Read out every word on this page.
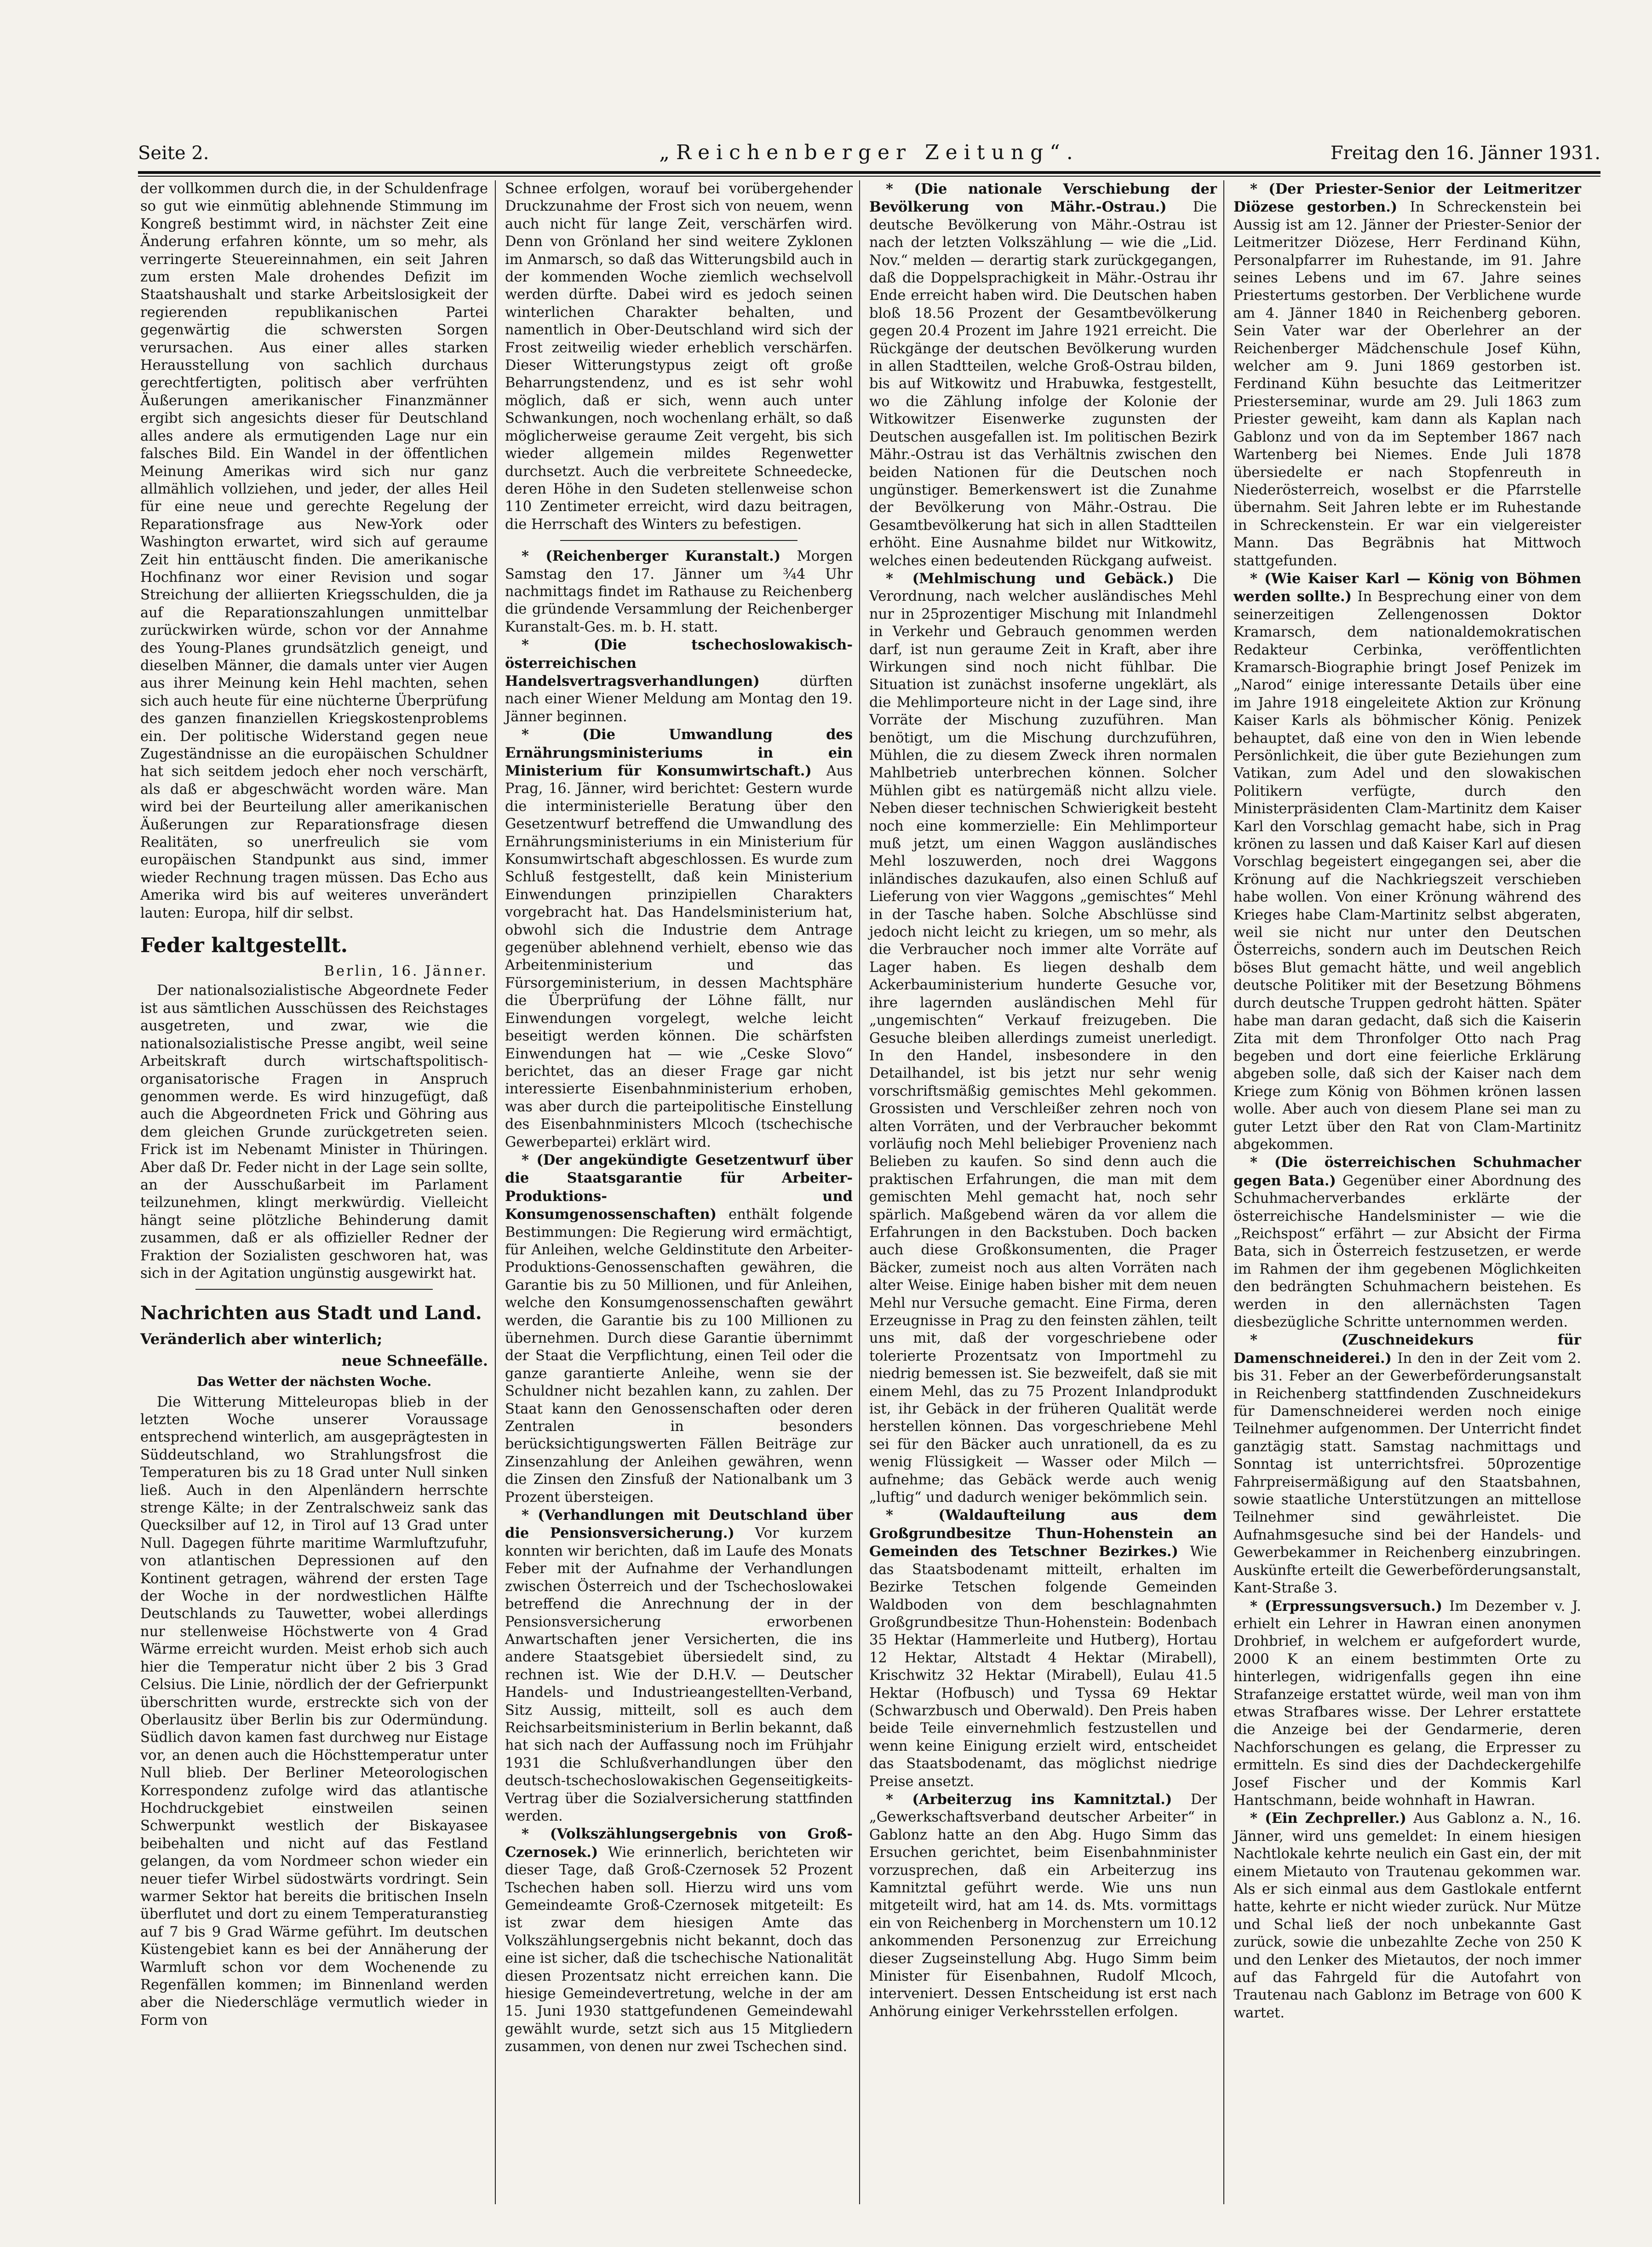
Seite 2.	„Reichenberger Zeitung“.	Freitag den 16. Jänner 1931.

der vollkommen durch die, in der Schuldenfrage so gut wie einmütig ablehnende Stimmung im Kongreß bestimmt wird, in nächster Zeit eine Änderung erfahren könnte, um so mehr, als verringerte Steuereinnahmen, ein seit Jahren zum ersten Male drohendes Defizit im Staatshaushalt und starke Arbeitslosigkeit der regierenden republikanischen Partei gegenwärtig die schwersten Sorgen verursachen. Aus einer alles starken Herausstellung von sachlich durchaus gerechtfertigten, politisch aber verfrühten Äußerungen amerikanischer Finanzmänner ergibt sich angesichts dieser für Deutschland alles andere als ermutigenden Lage nur ein falsches Bild. Ein Wandel in der öffentlichen Meinung Amerikas wird sich nur ganz allmählich vollziehen, und jeder, der alles Heil für eine neue und gerechte Regelung der Reparationsfrage aus New-York oder Washington erwartet, wird sich auf geraume Zeit hin enttäuscht finden. Die amerikanische Hochfinanz wor einer Revision und sogar Streichung der alliierten Kriegsschulden, die ja auf die Reparationszahlungen unmittelbar zurückwirken würde, schon vor der Annahme des Young-Planes grundsätzlich geneigt, und dieselben Männer, die damals unter vier Augen aus ihrer Meinung kein Hehl machten, sehen sich auch heute für eine nüchterne Überprüfung des ganzen finanziellen Kriegskostenproblems ein. Der politische Widerstand gegen neue Zugeständnisse an die europäischen Schuldner hat sich seitdem jedoch eher noch verschärft, als daß er abgeschwächt worden wäre. Man wird bei der Beurteilung aller amerikanischen Äußerungen zur Reparationsfrage diesen Realitäten, so unerfreulich sie vom europäischen Standpunkt aus sind, immer wieder Rechnung tragen müssen. Das Echo aus Amerika wird bis auf weiteres unverändert lauten: Europa, hilf dir selbst.

Feder kaltgestellt.
Berlin, 16. Jänner.

Der nationalsozialistische Abgeordnete Feder ist aus sämtlichen Ausschüssen des Reichstages ausgetreten, und zwar, wie die nationalsozialistische Presse angibt, weil seine Arbeitskraft durch wirtschaftspolitisch-organisatorische Fragen in Anspruch genommen werde. Es wird hinzugefügt, daß auch die Abgeordneten Frick und Göhring aus dem gleichen Grunde zurückgetreten seien. Frick ist im Nebenamt Minister in Thüringen. Aber daß Dr. Feder nicht in der Lage sein sollte, an der Ausschußarbeit im Parlament teilzunehmen, klingt merkwürdig. Vielleicht hängt seine plötzliche Behinderung damit zusammen, daß er als offizieller Redner der Fraktion der Sozialisten geschworen hat, was sich in der Agitation ungünstig ausgewirkt hat.

Nachrichten aus Stadt und Land.
Veränderlich aber winterlich;
neue Schneefälle.
Das Wetter der nächsten Woche.

Die Witterung Mitteleuropas blieb in der letzten Woche unserer Voraussage entsprechend winterlich, am ausgeprägtesten in Süddeutschland, wo Strahlungsfrost die Temperaturen bis zu 18 Grad unter Null sinken ließ. Auch in den Alpenländern herrschte strenge Kälte; in der Zentralschweiz sank das Quecksilber auf 12, in Tirol auf 13 Grad unter Null. Dagegen führte maritime Warmluftzufuhr, von atlantischen Depressionen auf den Kontinent getragen, während der ersten Tage der Woche in der nordwestlichen Hälfte Deutschlands zu Tauwetter, wobei allerdings nur stellenweise Höchstwerte von 4 Grad Wärme erreicht wurden. Meist erhob sich auch hier die Temperatur nicht über 2 bis 3 Grad Celsius. Die Linie, nördlich der der Gefrierpunkt überschritten wurde, erstreckte sich von der Oberlausitz über Berlin bis zur Odermündung. Südlich davon kamen fast durchweg nur Eistage vor, an denen auch die Höchsttemperatur unter Null blieb. Der Berliner Meteorologischen Korrespondenz zufolge wird das atlantische Hochdruckgebiet einstweilen seinen Schwerpunkt westlich der Biskayasee beibehalten und nicht auf das Festland gelangen, da vom Nordmeer schon wieder ein neuer tiefer Wirbel südostwärts vordringt. Sein warmer Sektor hat bereits die britischen Inseln überflutet und dort zu einem Temperaturanstieg auf 7 bis 9 Grad Wärme geführt. Im deutschen Küstengebiet kann es bei der Annäherung der Warmluft schon vor dem Wochenende zu Regenfällen kommen; im Binnenland werden aber die Niederschläge vermutlich wieder in Form von

Schnee erfolgen, worauf bei vorübergehender Druckzunahme der Frost sich von neuem, wenn auch nicht für lange Zeit, verschärfen wird. Denn von Grönland her sind weitere Zyklonen im Anmarsch, so daß das Witterungsbild auch in der kommenden Woche ziemlich wechselvoll werden dürfte. Dabei wird es jedoch seinen winterlichen Charakter behalten, und namentlich in Ober-Deutschland wird sich der Frost zeitweilig wieder erheblich verschärfen. Dieser Witterungstypus zeigt oft große Beharrungstendenz, und es ist sehr wohl möglich, daß er sich, wenn auch unter Schwankungen, noch wochenlang erhält, so daß möglicherweise geraume Zeit vergeht, bis sich wieder allgemein mildes Regenwetter durchsetzt. Auch die verbreitete Schneedecke, deren Höhe in den Sudeten stellenweise schon 110 Zentimeter erreicht, wird dazu beitragen, die Herrschaft des Winters zu befestigen.

* (Reichenberger Kuranstalt.) Morgen Samstag den 17. Jänner um ¾4 Uhr nachmittags findet im Rathause zu Reichenberg die gründende Versammlung der Reichenberger Kuranstalt-Ges. m. b. H. statt.

* (Die tschechoslowakisch-österreichischen Handelsvertragsverhandlungen)	dürften nach einer Wiener Meldung am Montag den 19. Jänner beginnen.

* (Die Umwandlung des Ernährungsministeriums in ein Ministerium für Konsumwirtschaft.) Aus Prag, 16. Jänner, wird berichtet: Gestern wurde die interministerielle Beratung über den Gesetzentwurf betreffend die Umwandlung des Ernährungsministeriums in ein Ministerium für Konsumwirtschaft abgeschlossen. Es wurde zum Schluß festgestellt, daß kein Ministerium Einwendungen prinzipiellen Charakters vorgebracht hat. Das Handelsministerium hat, obwohl sich die Industrie dem Antrage gegenüber ablehnend verhielt, ebenso wie das Arbeitenministerium und das Fürsorgeministerium, in dessen Machtsphäre die Überprüfung der Löhne fällt, nur Einwendungen vorgelegt, welche leicht beseitigt werden können. Die schärfsten Einwendungen hat — wie „Ceske Slovo“ berichtet, das an dieser Frage gar nicht interessierte Eisenbahnministerium erhoben, was aber durch die parteipolitische Einstellung des Eisenbahnministers Mlcoch (tschechische Gewerbepartei) erklärt wird.

* (Der angekündigte Gesetzentwurf über die Staatsgarantie für Arbeiter-Produktions- und Konsumgenossenschaften) enthält folgende Bestimmungen: Die Regierung wird ermächtigt, für Anleihen, welche Geldinstitute den Arbeiter-Produktions-Genossenschaften gewähren, die Garantie bis zu 50 Millionen, und für Anleihen, welche den Konsumgenossenschaften gewährt werden, die Garantie bis zu 100 Millionen zu übernehmen. Durch diese Garantie übernimmt der Staat die Verpflichtung, einen Teil oder die ganze garantierte Anleihe, wenn sie der Schuldner nicht bezahlen kann, zu zahlen. Der Staat kann den Genossenschaften oder deren Zentralen in besonders berücksichtigungswerten Fällen Beiträge zur Zinsenzahlung der Anleihen gewähren, wenn die Zinsen den Zinsfuß der Nationalbank um 3 Prozent übersteigen.

* (Verhandlungen mit Deutschland über die Pensionsversicherung.) Vor kurzem konnten wir berichten, daß im Laufe des Monats Feber mit der Aufnahme der Verhandlungen zwischen Österreich und der Tschechoslowakei betreffend die Anrechnung der in der Pensionsversicherung erworbenen Anwartschaften jener Versicherten, die ins andere Staatsgebiet übersiedelt sind, zu rechnen ist. Wie der D.H.V. — Deutscher Handels- und Industrieangestellten-Verband, Sitz Aussig, mitteilt, soll es auch dem Reichsarbeitsministerium in Berlin bekannt, daß hat sich nach der Auffassung noch im Frühjahr 1931 die Schlußverhandlungen über den deutsch-tschechoslowakischen Gegenseitigkeits-Vertrag über die Sozialversicherung stattfinden werden.

* (Volkszählungsergebnis von Groß-Czernosek.) Wie erinnerlich, berichteten wir dieser Tage, daß Groß-Czernosek 52 Prozent Tschechen haben soll. Hierzu wird uns vom Gemeindeamte Groß-Czernosek mitgeteilt: Es ist zwar dem hiesigen Amte das Volkszählungsergebnis nicht bekannt, doch das eine ist sicher, daß die tschechische Nationalität diesen Prozentsatz nicht erreichen kann. Die hiesige Gemeindevertretung, welche in der am 15. Juni 1930 stattgefundenen Gemeindewahl gewählt wurde, setzt sich aus 15 Mitgliedern zusammen, von denen nur zwei Tschechen sind.

* (Die nationale Verschiebung der Bevölkerung von Mähr.-Ostrau.) Die deutsche Bevölkerung von Mähr.-Ostrau ist nach der letzten Volkszählung — wie die „Lid. Nov.“ melden — derartig stark zurückgegangen, daß die Doppelsprachigkeit in Mähr.-Ostrau ihr Ende erreicht haben wird. Die Deutschen haben bloß 18.56 Prozent der Gesamtbevölkerung gegen 20.4 Prozent im Jahre 1921 erreicht. Die Rückgänge der deutschen Bevölkerung wurden in allen Stadtteilen, welche Groß-Ostrau bilden, bis auf Witkowitz und Hrabuwka, festgestellt, wo die Zählung infolge der Kolonie der Witkowitzer Eisenwerke zugunsten der Deutschen ausgefallen ist. Im politischen Bezirk Mähr.-Ostrau ist das Verhältnis zwischen den beiden Nationen für die Deutschen noch ungünstiger. Bemerkenswert ist die Zunahme der Bevölkerung von Mähr.-Ostrau. Die Gesamtbevölkerung hat sich in allen Stadtteilen erhöht. Eine Ausnahme bildet nur Witkowitz, welches einen bedeutenden Rückgang aufweist.

* (Mehlmischung und Gebäck.) Die Verordnung, nach welcher ausländisches Mehl nur in 25prozentiger Mischung mit Inlandmehl in Verkehr und Gebrauch genommen werden darf, ist nun geraume Zeit in Kraft, aber ihre Wirkungen sind noch nicht fühlbar. Die Situation ist zunächst insoferne ungeklärt, als die Mehlimporteure nicht in der Lage sind, ihre Vorräte der Mischung zuzuführen. Man benötigt, um die Mischung durchzuführen, Mühlen, die zu diesem Zweck ihren normalen Mahlbetrieb unterbrechen können. Solcher Mühlen gibt es natürgemäß nicht allzu viele. Neben dieser technischen Schwierigkeit besteht noch eine kommerzielle: Ein Mehlimporteur muß jetzt, um einen Waggon ausländisches Mehl loszuwerden, noch drei Waggons inländisches dazukaufen, also einen Schluß auf Lieferung von vier Waggons „gemischtes“ Mehl in der Tasche haben. Solche Abschlüsse sind jedoch nicht leicht zu kriegen, um so mehr, als die Verbraucher noch immer alte Vorräte auf Lager haben. Es liegen deshalb dem Ackerbauministerium hunderte Gesuche vor, ihre lagernden ausländischen Mehl für „ungemischten“ Verkauf freizugeben. Die Gesuche bleiben allerdings zumeist unerledigt. In den Handel, insbesondere in den Detailhandel, ist bis jetzt nur sehr wenig vorschriftsmäßig gemischtes Mehl gekommen. Grossisten und Verschleißer zehren noch von alten Vorräten, und der Verbraucher bekommt vorläufig noch Mehl beliebiger Provenienz nach Belieben zu kaufen. So sind denn auch die praktischen Erfahrungen, die man mit dem gemischten Mehl gemacht hat, noch sehr spärlich. Maßgebend wären da vor allem die Erfahrungen in den Backstuben. Doch backen auch diese Großkonsumenten, die Prager Bäcker, zumeist noch aus alten Vorräten nach alter Weise. Einige haben bisher mit dem neuen Mehl nur Versuche gemacht. Eine Firma, deren Erzeugnisse in Prag zu den feinsten zählen, teilt uns mit, daß der vorgeschriebene oder tolerierte Prozentsatz von Importmehl zu niedrig bemessen ist. Sie bezweifelt, daß sie mit einem Mehl, das zu 75 Prozent Inlandprodukt ist, ihr Gebäck in der früheren Qualität werde herstellen können. Das vorgeschriebene Mehl sei für den Bäcker auch unrationell, da es zu wenig Flüssigkeit — Wasser oder Milch — aufnehme; das Gebäck werde auch wenig „luftig“ und dadurch weniger bekömmlich sein.

* (Waldaufteilung aus dem Großgrundbesitze Thun-Hohenstein an Gemeinden des Tetschner Bezirkes.) Wie das Staatsbodenamt mitteilt, erhalten im Bezirke Tetschen folgende Gemeinden Waldboden von dem beschlagnahmten Großgrundbesitze Thun-Hohenstein: Bodenbach 35 Hektar (Hammerleite und Hutberg), Hortau 12 Hektar, Altstadt 4 Hektar (Mirabell), Krischwitz 32 Hektar (Mirabell), Eulau 41.5 Hektar (Hofbusch) und Tyssa 69 Hektar (Schwarzbusch und Oberwald). Den Preis haben beide Teile einvernehmlich festzustellen und wenn keine Einigung erzielt wird, entscheidet das Staatsbodenamt, das möglichst niedrige Preise ansetzt.

* (Arbeiterzug ins Kamnitztal.) Der „Gewerkschaftsverband deutscher Arbeiter“ in Gablonz hatte an den Abg. Hugo Simm das Ersuchen gerichtet, beim Eisenbahnminister vorzusprechen, daß ein Arbeiterzug ins Kamnitztal geführt werde. Wie uns nun mitgeteilt wird, hat am 14. ds. Mts. vormittags ein von Reichenberg in Morchenstern um 10.12 ankommenden Personenzug zur Erreichung dieser Zugseinstellung Abg. Hugo Simm beim Minister für Eisenbahnen, Rudolf Mlcoch, interveniert. Dessen Entscheidung ist erst nach Anhörung einiger Verkehrsstellen erfolgen.

* (Der Priester-Senior der Leitmeritzer Diözese gestorben.) In Schreckenstein bei Aussig ist am 12. Jänner der Priester-Senior der Leitmeritzer Diözese, Herr Ferdinand Kühn, Personalpfarrer im Ruhestande, im 91. Jahre seines Lebens und im 67. Jahre seines Priestertums gestorben. Der Verblichene wurde am 4. Jänner 1840 in Reichenberg geboren. Sein Vater war der Oberlehrer an der Reichenberger Mädchenschule Josef Kühn, welcher am 9. Juni 1869 gestorben ist. Ferdinand Kühn besuchte das Leitmeritzer Priesterseminar, wurde am 29. Juli 1863 zum Priester geweiht, kam dann als Kaplan nach Gablonz und von da im September 1867 nach Wartenberg bei Niemes. Ende Juli 1878 übersiedelte er nach Stopfenreuth in Niederösterreich, woselbst er die Pfarrstelle übernahm. Seit Jahren lebte er im Ruhestande in Schreckenstein. Er war ein vielgereister Mann. Das Begräbnis hat Mittwoch stattgefunden.

* (Wie Kaiser Karl — König von Böhmen werden sollte.) In Besprechung einer von dem seinerzeitigen Zellengenossen Doktor Kramarsch, dem nationaldemokratischen Redakteur Cerbinka, veröffentlichten Kramarsch-Biographie bringt Josef Penizek im „Narod“ einige interessante Details über eine im Jahre 1918 eingeleitete Aktion zur Krönung Kaiser Karls als böhmischer König. Penizek behauptet, daß eine von den in Wien lebende Persönlichkeit, die über gute Beziehungen zum Vatikan, zum Adel und den slowakischen Politikern verfügte, durch den Ministerpräsidenten Clam-Martinitz dem Kaiser Karl den Vorschlag gemacht habe, sich in Prag krönen zu lassen und daß Kaiser Karl auf diesen Vorschlag begeistert eingegangen sei, aber die Krönung auf die Nachkriegszeit verschieben habe wollen. Von einer Krönung während des Krieges habe Clam-Martinitz selbst abgeraten, weil sie nicht nur unter den Deutschen Österreichs, sondern auch im Deutschen Reich böses Blut gemacht hätte, und weil angeblich deutsche Politiker mit der Besetzung Böhmens durch deutsche Truppen gedroht hätten. Später habe man daran gedacht, daß sich die Kaiserin Zita mit dem Thronfolger Otto nach Prag begeben und dort eine feierliche Erklärung abgeben solle, daß sich der Kaiser nach dem Kriege zum König von Böhmen krönen lassen wolle. Aber auch von diesem Plane sei man zu guter Letzt über den Rat von Clam-Martinitz abgekommen.

* (Die österreichischen Schuhmacher gegen Bata.) Gegenüber einer Abordnung des Schuhmacherverbandes erklärte der österreichische Handelsminister — wie die „Reichspost“ erfährt — zur Absicht der Firma Bata, sich in Österreich festzusetzen, er werde im Rahmen der ihm gegebenen Möglichkeiten den bedrängten Schuhmachern beistehen. Es werden in den allernächsten Tagen diesbezügliche Schritte unternommen werden.

* (Zuschneidekurs für Damenschneiderei.) In den in der Zeit vom 2. bis 31. Feber an der Gewerbeförderungsanstalt in Reichenberg stattfindenden Zuschneidekurs für Damenschneiderei werden noch einige Teilnehmer aufgenommen. Der Unterricht findet ganztägig statt. Samstag nachmittags und Sonntag ist unterrichtsfrei. 50prozentige Fahrpreisermäßigung auf den Staatsbahnen, sowie staatliche Unterstützungen an mittellose Teilnehmer sind gewährleistet. Die Aufnahmsgesuche sind bei der Handels- und Gewerbekammer in Reichenberg einzubringen. Auskünfte erteilt die Gewerbeförderungsanstalt, Kant-Straße 3.

* (Erpressungsversuch.) Im Dezember v. J. erhielt ein Lehrer in Hawran einen anonymen Drohbrief, in welchem er aufgefordert wurde, 2000 K an einem bestimmten Orte zu hinterlegen, widrigenfalls gegen ihn eine Strafanzeige erstattet würde, weil man von ihm etwas Strafbares wisse. Der Lehrer erstattete die Anzeige bei der Gendarmerie, deren Nachforschungen es gelang, die Erpresser zu ermitteln. Es sind dies der Dachdeckergehilfe Josef Fischer und der Kommis Karl Hantschmann, beide wohnhaft in Hawran.

* (Ein Zechpreller.) Aus Gablonz a. N., 16. Jänner, wird uns gemeldet: In einem hiesigen Nachtlokale kehrte neulich ein Gast ein, der mit einem Mietauto von Trautenau gekommen war. Als er sich einmal aus dem Gastlokale entfernt hatte, kehrte er nicht wieder zurück. Nur Mütze und Schal ließ der noch unbekannte Gast zurück, sowie die unbezahlte Zeche von 250 K und den Lenker des Mietautos, der noch immer auf das Fahrgeld für die Autofahrt von Trautenau nach Gablonz im Betrage von 600 K wartet.
